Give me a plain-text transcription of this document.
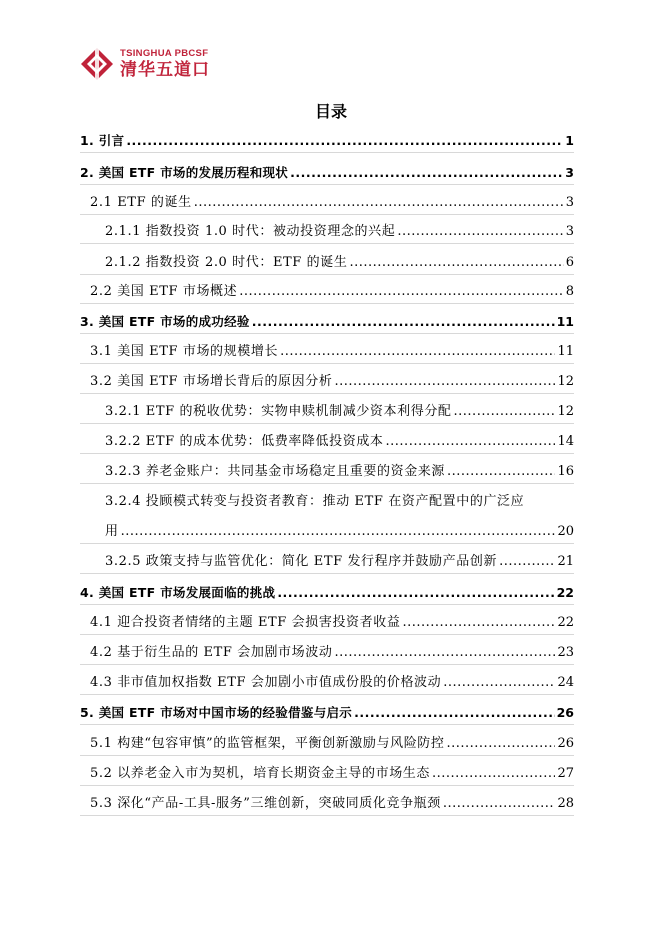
TSINGHUA PBCSF
清华五道口
目录
1. 引言 .....	1
2. 美国 ETF 市场的发展历程和现状 .....	3
2.1 ETF 的诞生 .....	3
2.1.1 指数投资 1.0 时代：被动投资理念的兴起 .....	3
2.1.2 指数投资 2.0 时代：ETF 的诞生 .....	6
2.2 美国 ETF 市场概述 .....	8
3. 美国 ETF 市场的成功经验 .....	11
3.1 美国 ETF 市场的规模增长 .....	11
3.2 美国 ETF 市场增长背后的原因分析 .....	12
3.2.1 ETF 的税收优势：实物申赎机制减少资本利得分配 .....	12
3.2.2 ETF 的成本优势：低费率降低投资成本 .....	14
3.2.3 养老金账户：共同基金市场稳定且重要的资金来源 .....	16
3.2.4 投顾模式转变与投资者教育：推动 ETF 在资产配置中的广泛应
用 .....	20
3.2.5 政策支持与监管优化：简化 ETF 发行程序并鼓励产品创新 .....	21
4. 美国 ETF 市场发展面临的挑战 .....	22
4.1 迎合投资者情绪的主题 ETF 会损害投资者收益 .....	22
4.2 基于衍生品的 ETF 会加剧市场波动 .....	23
4.3 非市值加权指数 ETF 会加剧小市值成份股的价格波动 .....	24
5. 美国 ETF 市场对中国市场的经验借鉴与启示 .....	26
5.1 构建“包容审慎”的监管框架，平衡创新激励与风险防控 .....	26
5.2 以养老金入市为契机，培育长期资金主导的市场生态 .....	27
5.3 深化“产品-工具-服务”三维创新，突破同质化竞争瓶颈 .....	28
